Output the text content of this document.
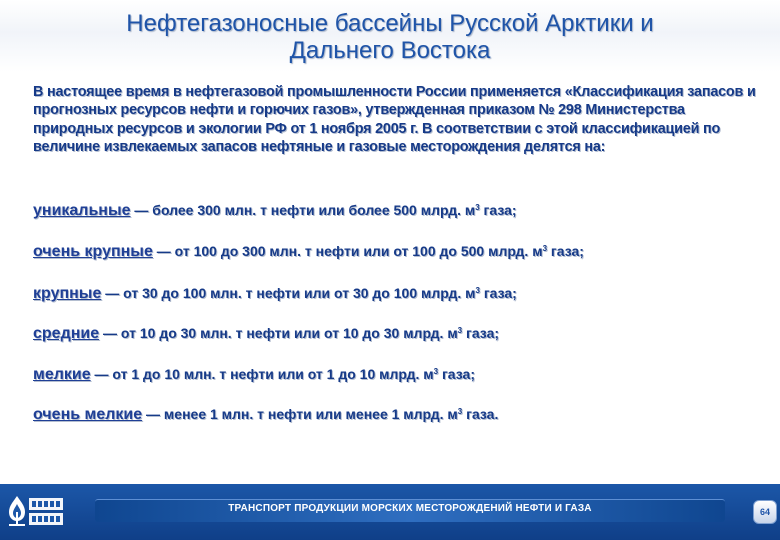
Нефтегазоносные бассейны Русской Арктики и
Дальнего Востока
В настоящее время в нефтегазовой промышленности России применяется «Классификация запасов и прогнозных ресурсов нефти и горючих газов», утвержденная приказом № 298 Министерства природных ресурсов и экологии РФ от 1 ноября 2005 г. В соответствии с этой классификацией по величине извлекаемых запасов нефтяные и газовые месторождения делятся на:
уникальные — более 300 млн. т нефти или более 500 млрд. $м^3$ газа;
очень крупные — от 100 до 300 млн. т нефти или от 100 до 500 млрд. $м^3$ газа;
крупные — от 30 до 100 млн. т нефти или от 30 до 100 млрд. $м^3$ газа;
средние — от 10 до 30 млн. т нефти или от 10 до 30 млрд. $м^3$ газа;
мелкие — от 1 до 10 млн. т нефти или от 1 до 10 млрд. $м^3$ газа;
очень мелкие — менее 1 млн. т нефти или менее 1 млрд. $м^3$ газа.
ТРАНСПОРТ ПРОДУКЦИИ МОРСКИХ МЕСТОРОЖДЕНИЙ НЕФТИ И ГАЗА	64
